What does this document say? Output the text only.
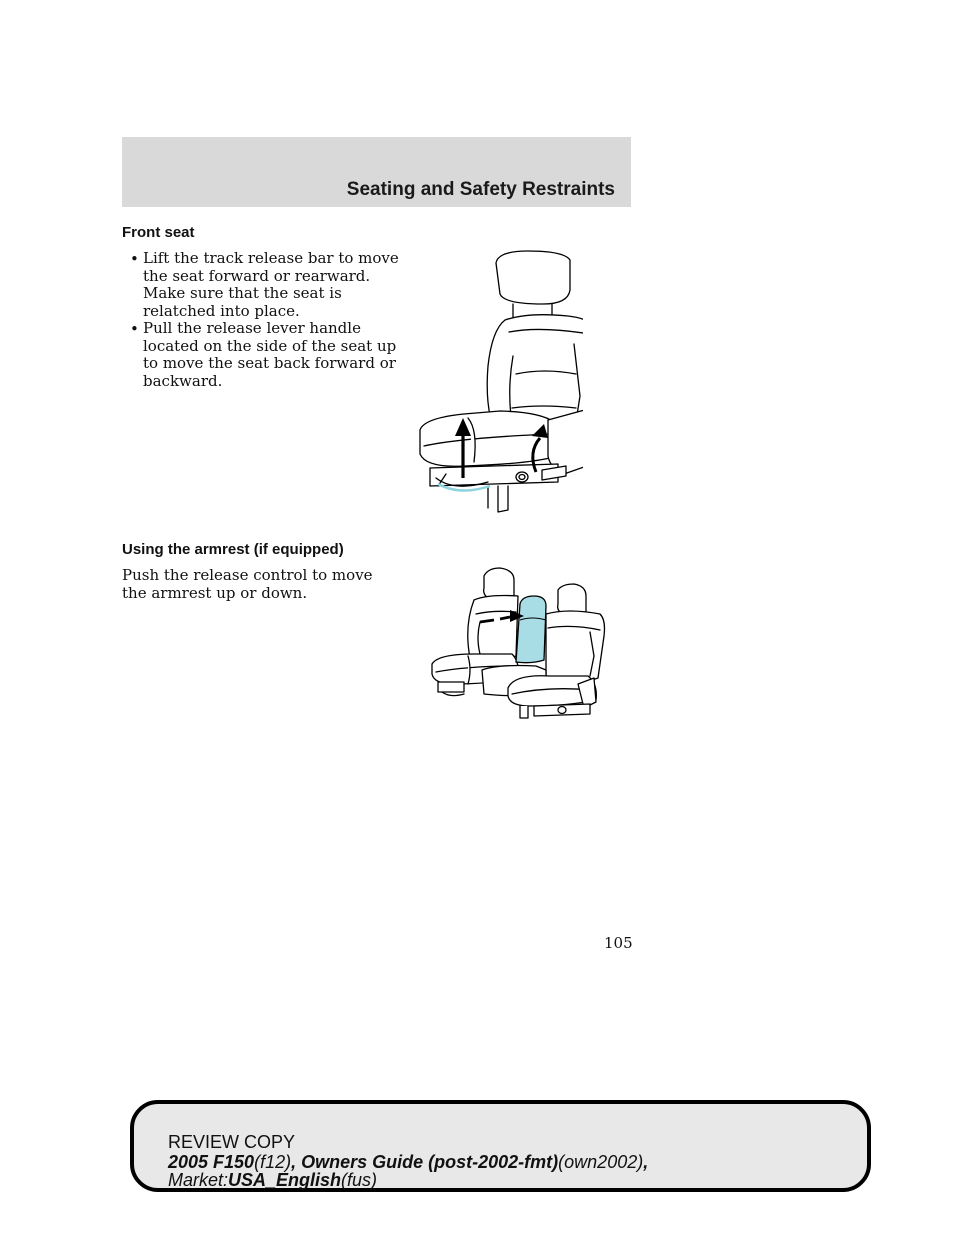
Seating and Safety Restraints
Front seat
• Lift the track release bar to move
the seat forward or rearward.
Make sure that the seat is
relatched into place.
• Pull the release lever handle
located on the side of the seat up
to move the seat back forward or
backward.
Using the armrest (if equipped)
Push the release control to move
the armrest up or down.
105
REVIEW COPY
2005 F150(f12), Owners Guide (post-2002-fmt)(own2002),
Market:USA_English(fus)
